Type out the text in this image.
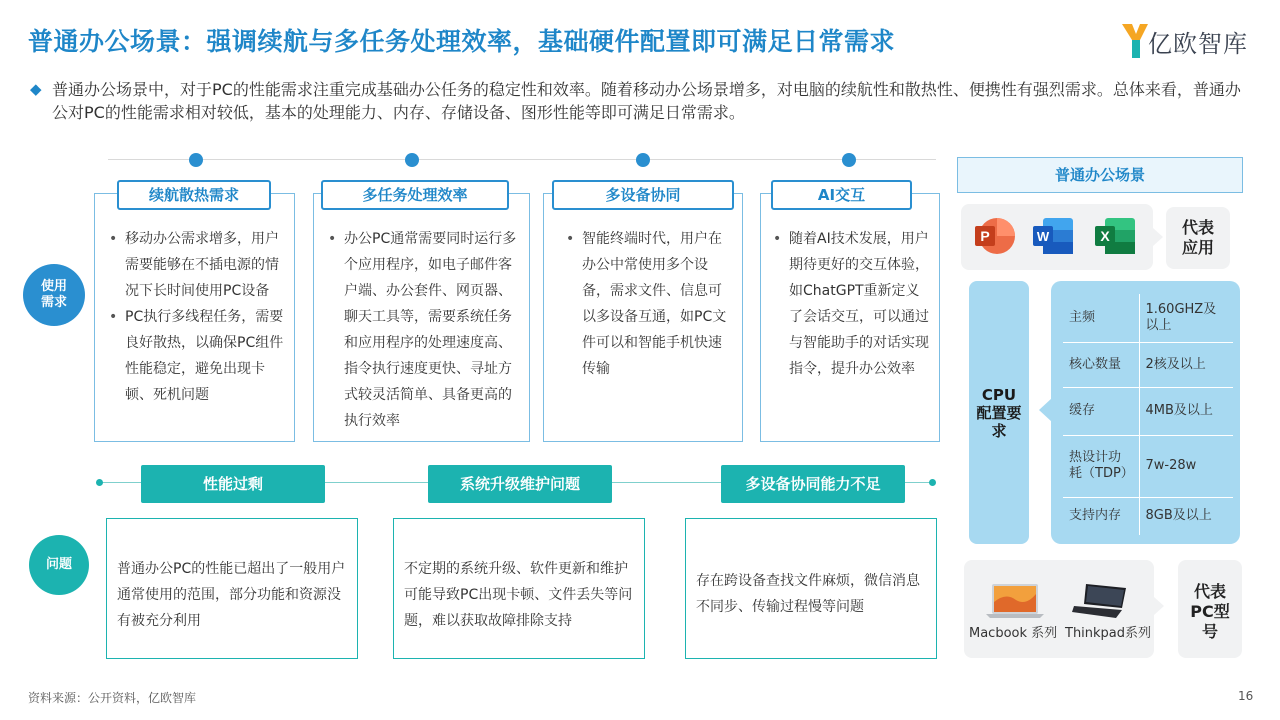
普通办公场景：强调续航与多任务处理效率，基础硬件配置即可满足日常需求	亿欧智库
◆ 普通办公场景中，对于PC的性能需求注重完成基础办公任务的稳定性和效率。随着移动办公场景增多，对电脑的续航性和散热性、便携性有强烈需求。总体来看，普通办公对PC的性能需求相对较低，基本的处理能力、内存、存储设备、图形性能等即可满足日常需求。
使用需求
• 移动办公需求增多，用户需要能够在不插电源的情况下长时间使用PC设备
• PC执行多线程任务，需要良好散热，以确保PC组件性能稳定，避免出现卡顿、死机问题
续航散热需求
• 办公PC通常需要同时运行多个应用程序，如电子邮件客户端、办公套件、网页器、聊天工具等，需要系统任务和应用程序的处理速度高、指令执行速度更快、寻址方式较灵活简单、具备更高的执行效率
多任务处理效率
• 智能终端时代，用户在办公中常使用多个设备，需求文件、信息可以多设备互通，如PC文件可以和智能手机快速传输
多设备协同
• 随着AI技术发展，用户期待更好的交互体验，如ChatGPT重新定义了会话交互，可以通过与智能助手的对话实现指令，提升办公效率
AI交互
性能过剩	系统升级维护问题	多设备协同能力不足
问题	普通办公PC的性能已超出了一般用户通常使用的范围，部分功能和资源没有被充分利用
不定期的系统升级、软件更新和维护可能导致PC出现卡顿、文件丢失等问题，难以获取故障排除支持
存在跨设备查找文件麻烦，微信消息不同步、传输过程慢等问题
普通办公场景
P	W	X	代表应用
CPU配置要求
主频	1.60GHZ及以上
核心数量	2核及以上
缓存	4MB及以上
热设计功耗（TDP）	7w-28w
支持内存	8GB及以上
Macbook 系列 Thinkpad系列
代表PC型号
资料来源：公开资料，亿欧智库	16
